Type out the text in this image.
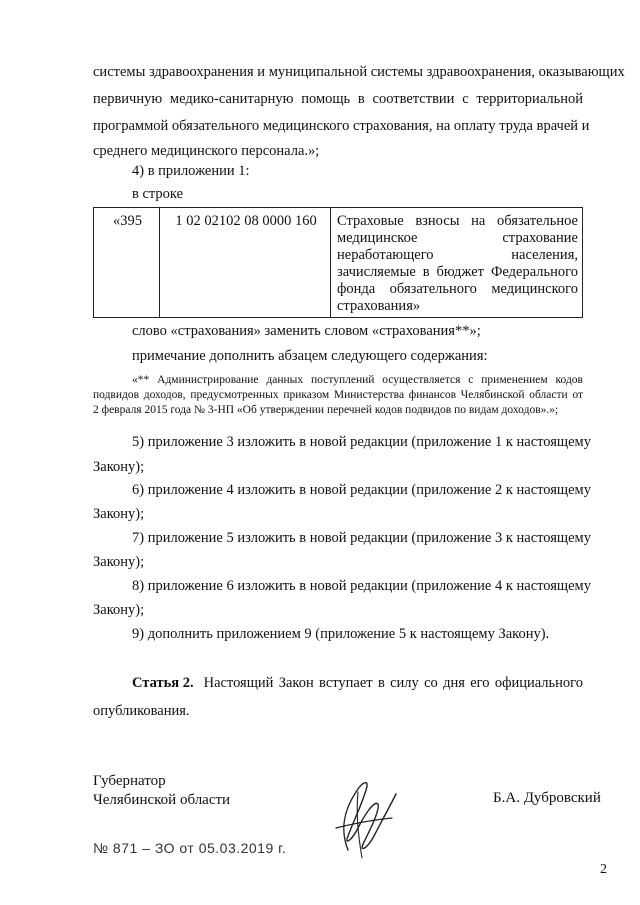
системы здравоохранения и муниципальной системы здравоохранения, оказывающих
первичную медико-санитарную помощь в соответствии с территориальной
программой обязательного медицинского страхования, на оплату труда врачей и
среднего медицинского персонала.»;
4) в приложении 1:
в строке
«395	1 02 02102 08 0000 160	Страховые взносы на обязательное медицинское страхование неработающего населения, зачисляемые в бюджет Федерального фонда обязательного медицинского страхования»
слово «страхования» заменить словом «страхования**»;
примечание дополнить абзацем следующего содержания:
«** Администрирование данных поступлений осуществляется с применением кодов
подвидов доходов, предусмотренных приказом Министерства финансов Челябинской области от
2 февраля 2015 года № 3-НП «Об утверждении перечней кодов подвидов по видам доходов».»;
5) приложение 3 изложить в новой редакции (приложение 1 к настоящему
Закону);
6) приложение 4 изложить в новой редакции (приложение 2 к настоящему
Закону);
7) приложение 5 изложить в новой редакции (приложение 3 к настоящему
Закону);
8) приложение 6 изложить в новой редакции (приложение 4 к настоящему
Закону);
9) дополнить приложением 9 (приложение 5 к настоящему Закону).
Статья 2. Настоящий Закон вступает в силу со дня его официального
опубликования.
Губернатор
Челябинской области	Б.А. Дубровский
№ 871 – ЗО от 05.03.2019 г.
2
